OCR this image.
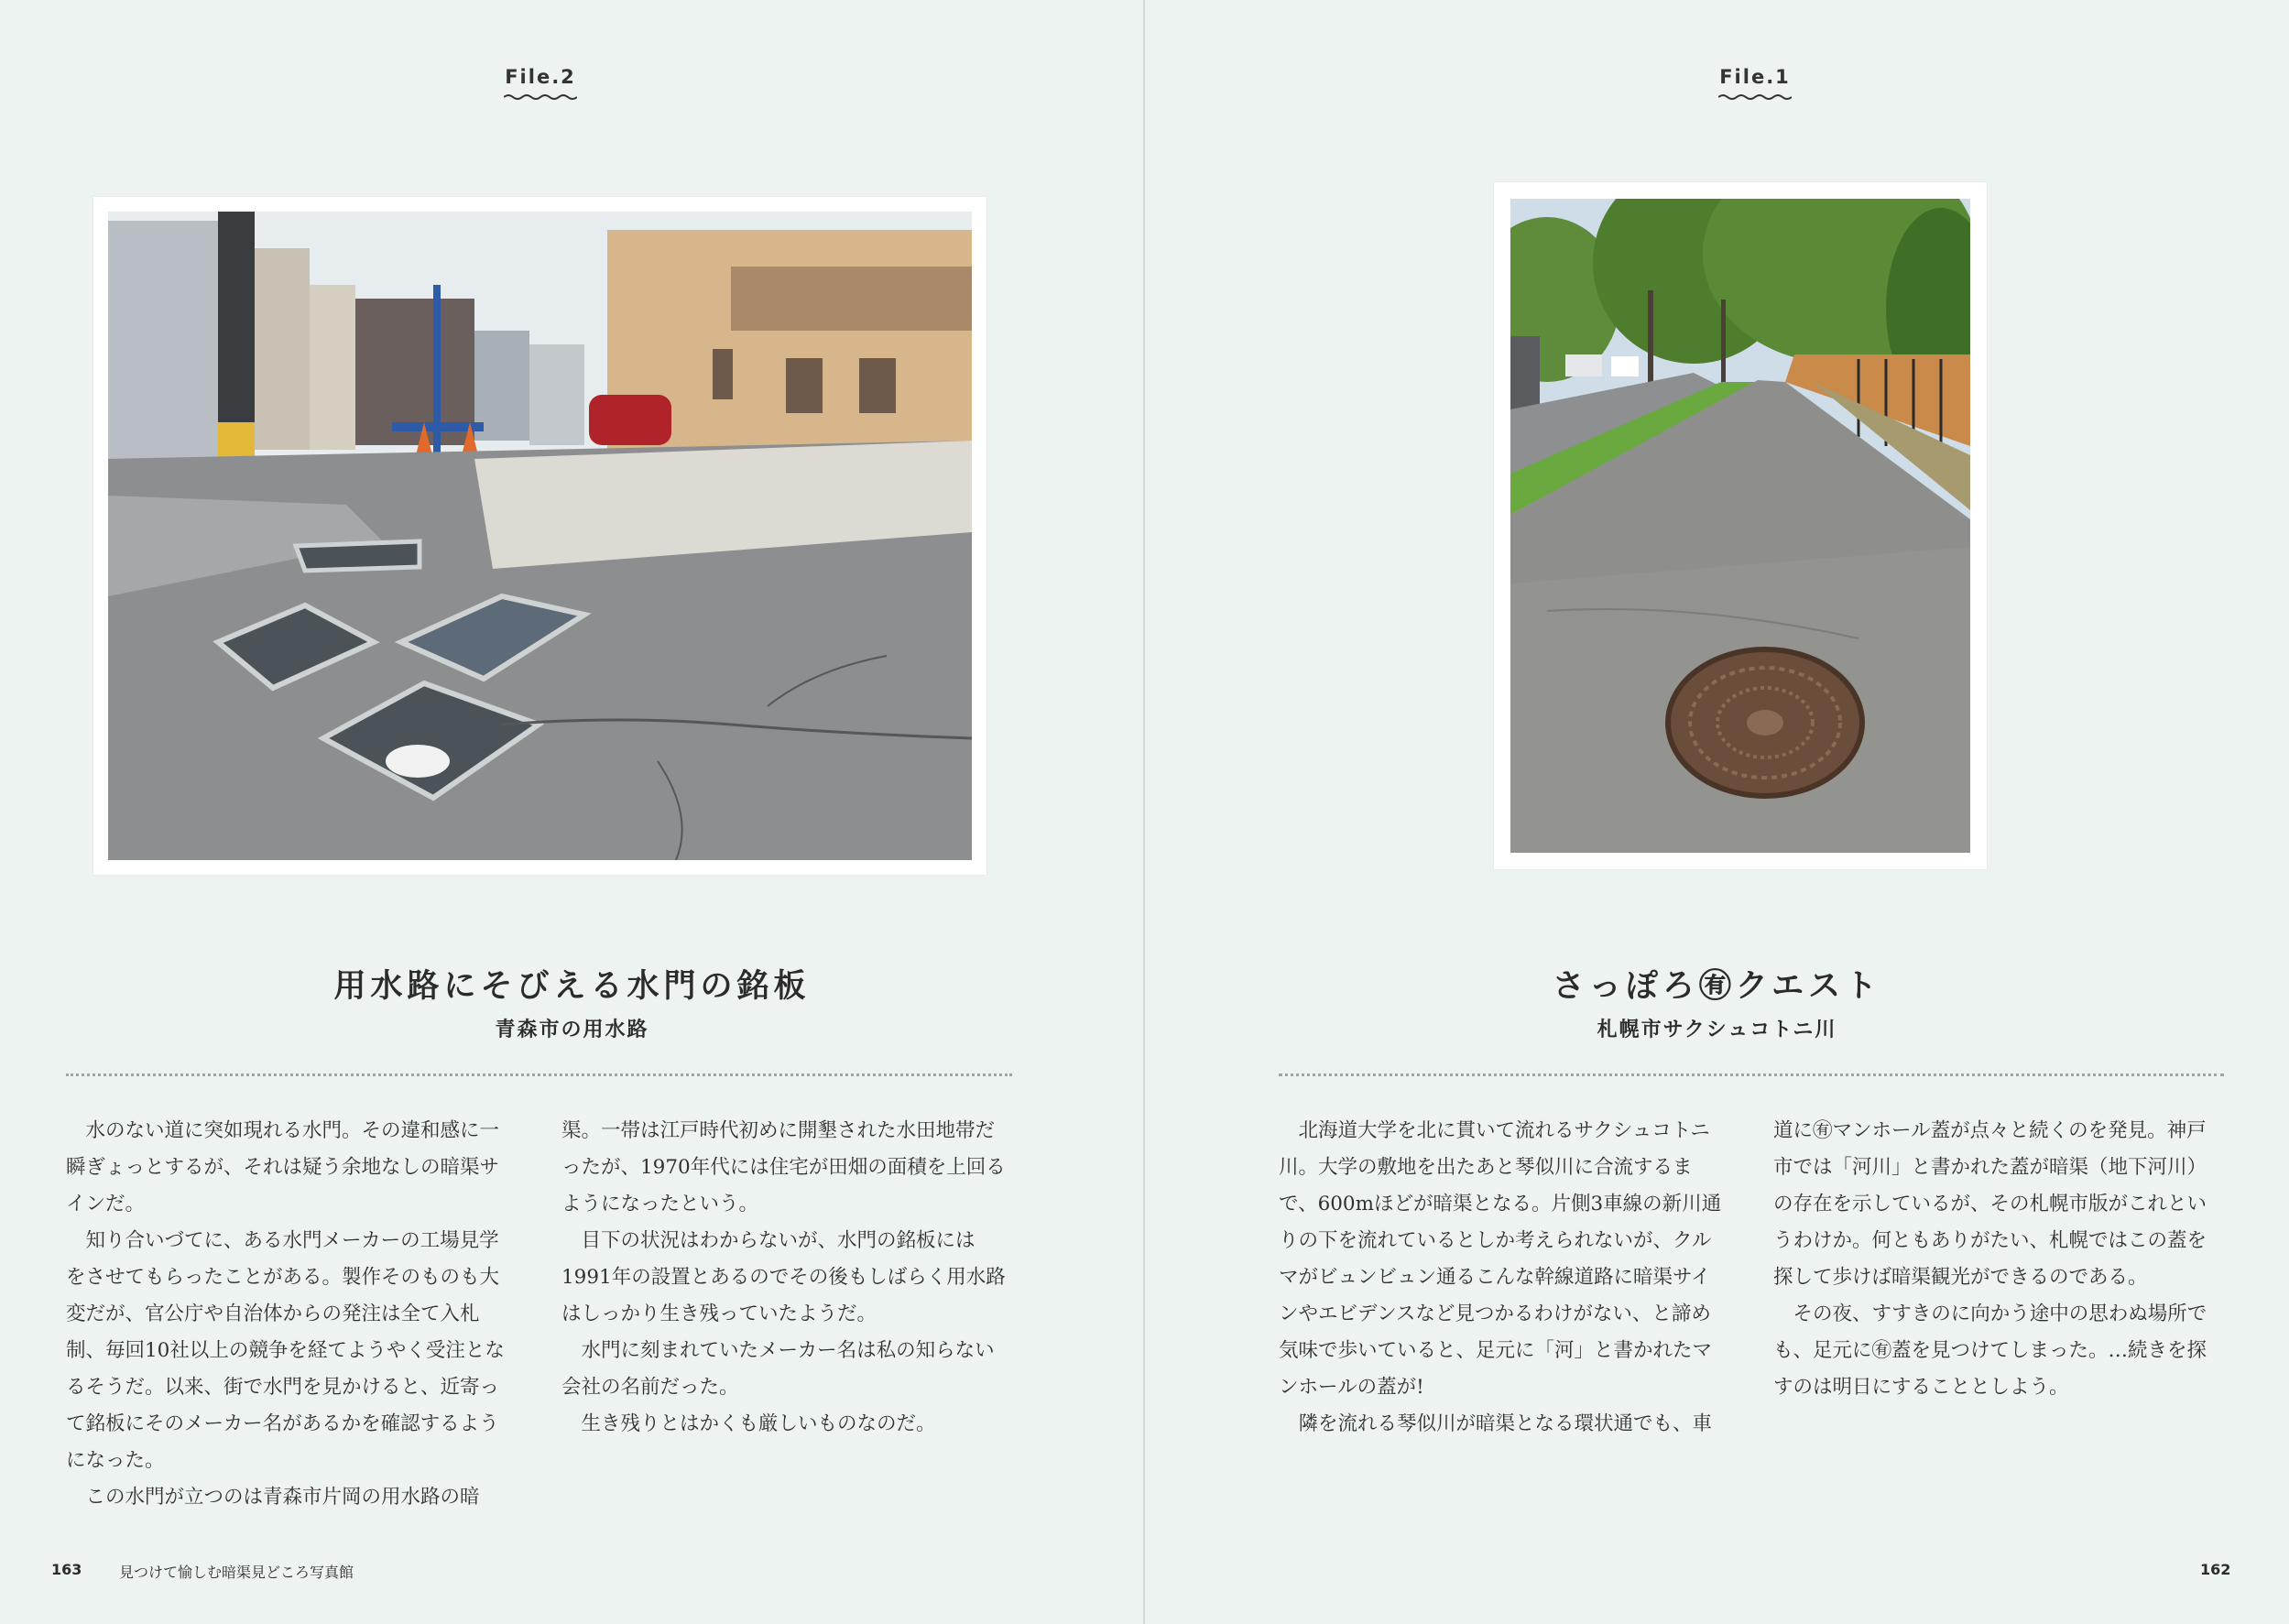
File.2
用水路にそびえる水門の銘板
青森市の用水路

水のない道に突如現れる水門。その違和感に一瞬ぎょっとするが、それは疑う余地なしの暗渠サインだ。

知り合いづてに、ある水門メーカーの工場見学をさせてもらったことがある。製作そのものも大変だが、官公庁や自治体からの発注は全て入札制、毎回10社以上の競争を経てようやく受注となるそうだ。以来、街で水門を見かけると、近寄って銘板にそのメーカー名があるかを確認するようになった。

この水門が立つのは青森市片岡の用水路の暗

渠。一帯は江戸時代初めに開墾された水田地帯だったが、1970年代には住宅が田畑の面積を上回るようになったという。

目下の状況はわからないが、水門の銘板には1991年の設置とあるのでその後もしばらく用水路はしっかり生き残っていたようだ。

水門に刻まれていたメーカー名は私の知らない会社の名前だった。

生き残りとはかくも厳しいものなのだ。

163	見つけて愉しむ暗渠見どころ写真館
File.1
さっぽろ㊒クエスト
札幌市サクシュコトニ川

北海道大学を北に貫いて流れるサクシュコトニ川。大学の敷地を出たあと琴似川に合流するまで、600mほどが暗渠となる。片側3車線の新川通りの下を流れているとしか考えられないが、クルマがビュンビュン通るこんな幹線道路に暗渠サインやエビデンスなど見つかるわけがない、と諦め気味で歩いていると、足元に「河」と書かれたマンホールの蓋が!

隣を流れる琴似川が暗渠となる環状通でも、車

道に㊒マンホール蓋が点々と続くのを発見。神戸市では「河川」と書かれた蓋が暗渠（地下河川）の存在を示しているが、その札幌市版がこれというわけか。何ともありがたい、札幌ではこの蓋を探して歩けば暗渠観光ができるのである。

その夜、すすきのに向かう途中の思わぬ場所でも、足元に㊒蓋を見つけてしまった。…続きを探すのは明日にすることとしよう。

162
